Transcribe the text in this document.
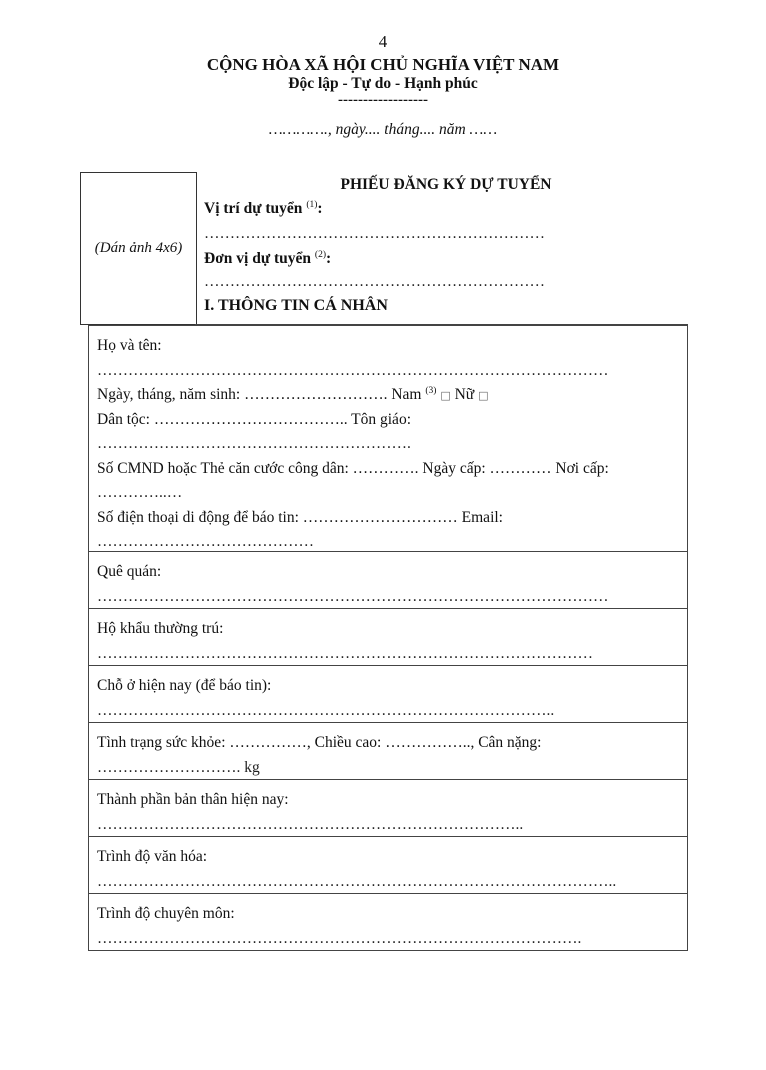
4
CỘNG HÒA XÃ HỘI CHỦ NGHĨA VIỆT NAM
Độc lập - Tự do - Hạnh phúc
------------------
…………., ngày.... tháng.... năm ……
(Dán ảnh 4x6)
PHIẾU ĐĂNG KÝ DỰ TUYỂN
Vị trí dự tuyển $^{(1)}$:
…………………………………………………………
Đơn vị dự tuyển $^{(2)}$:
…………………………………………………………
I. THÔNG TIN CÁ NHÂN
Họ và tên:
………………………………………………………………………………………
Ngày, tháng, năm sinh: ………………………. Nam $^{(3)}$ □ Nữ □
Dân tộc: ……………………………….. Tôn giáo:
…………………………………………………….
Số CMND hoặc Thẻ căn cước công dân: …………. Ngày cấp: ………… Nơi cấp:
…………..…
Số điện thoại di động để báo tin: ………………………… Email:
……………………………………
Quê quán:
………………………………………………………………………………………
Hộ khẩu thường trú:
……………………………………………………………………………………
Chỗ ở hiện nay (để báo tin):
……………………………………………………………………………..
Tình trạng sức khỏe: ……………, Chiều cao: …………….., Cân nặng:
………………………. kg
Thành phần bản thân hiện nay:
………………………………………………………………………..
Trình độ văn hóa:
………………………………………………………………………………………..
Trình độ chuyên môn:
………………………………………………………………………………….
